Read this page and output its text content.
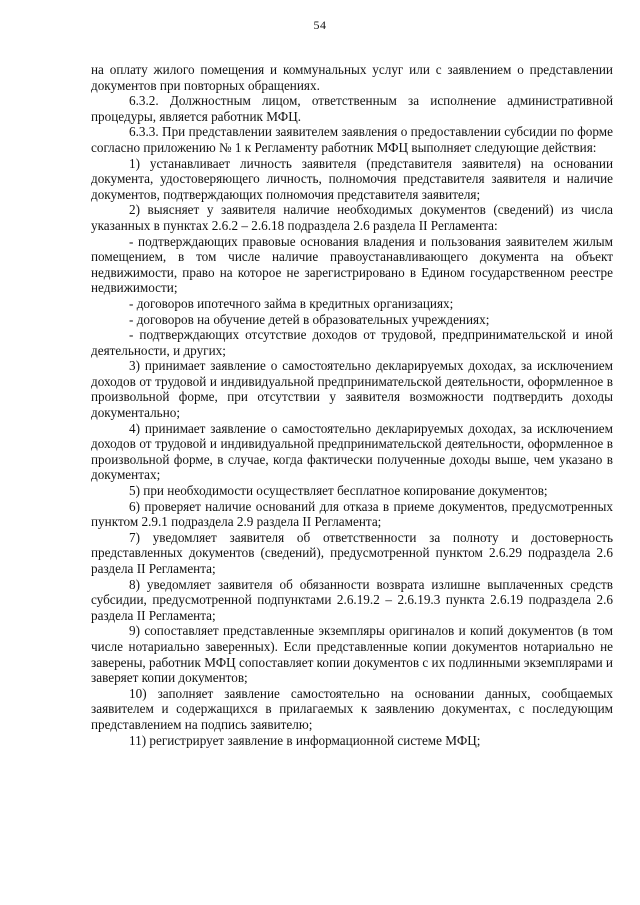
54

на оплату жилого помещения и коммунальных услуг или с заявлением о представлении документов при повторных обращениях.

6.3.2. Должностным лицом, ответственным за исполнение административной процедуры, является работник МФЦ.

6.3.3. При представлении заявителем заявления о предоставлении субсидии по форме согласно приложению № 1 к Регламенту работник МФЦ выполняет следующие действия:

1) устанавливает личность заявителя (представителя заявителя) на основании документа, удостоверяющего личность, полномочия представителя заявителя и наличие документов, подтверждающих полномочия представителя заявителя;

2) выясняет у заявителя наличие необходимых документов (сведений) из числа указанных в пунктах 2.6.2 – 2.6.18 подраздела 2.6 раздела II Регламента:

- подтверждающих правовые основания владения и пользования заявителем жилым помещением, в том числе наличие правоустанавливающего документа на объект недвижимости, право на которое не зарегистрировано в Едином государственном реестре недвижимости;

- договоров ипотечного займа в кредитных организациях;

- договоров на обучение детей в образовательных учреждениях;

- подтверждающих отсутствие доходов от трудовой, предпринимательской и иной деятельности, и других;

3) принимает заявление о самостоятельно декларируемых доходах, за исключением доходов от трудовой и индивидуальной предпринимательской деятельности, оформленное в произвольной форме, при отсутствии у заявителя возможности подтвердить доходы документально;

4) принимает заявление о самостоятельно декларируемых доходах, за исключением доходов от трудовой и индивидуальной предпринимательской деятельности, оформленное в произвольной форме, в случае, когда фактически полученные доходы выше, чем указано в документах;

5) при необходимости осуществляет бесплатное копирование документов;

6) проверяет наличие оснований для отказа в приеме документов, предусмотренных пунктом 2.9.1 подраздела 2.9 раздела II Регламента;

7) уведомляет заявителя об ответственности за полноту и достоверность представленных документов (сведений), предусмотренной пунктом 2.6.29 подраздела 2.6 раздела II Регламента;

8) уведомляет заявителя об обязанности возврата излишне выплаченных средств субсидии, предусмотренной подпунктами 2.6.19.2 – 2.6.19.3 пункта 2.6.19 подраздела 2.6 раздела II Регламента;

9) сопоставляет представленные экземпляры оригиналов и копий документов (в том числе нотариально заверенных). Если представленные копии документов нотариально не заверены, работник МФЦ сопоставляет копии документов с их подлинными экземплярами и заверяет копии документов;

10) заполняет заявление самостоятельно на основании данных, сообщаемых заявителем и содержащихся в прилагаемых к заявлению документах, с последующим представлением на подпись заявителю;

11) регистрирует заявление в информационной системе МФЦ;
